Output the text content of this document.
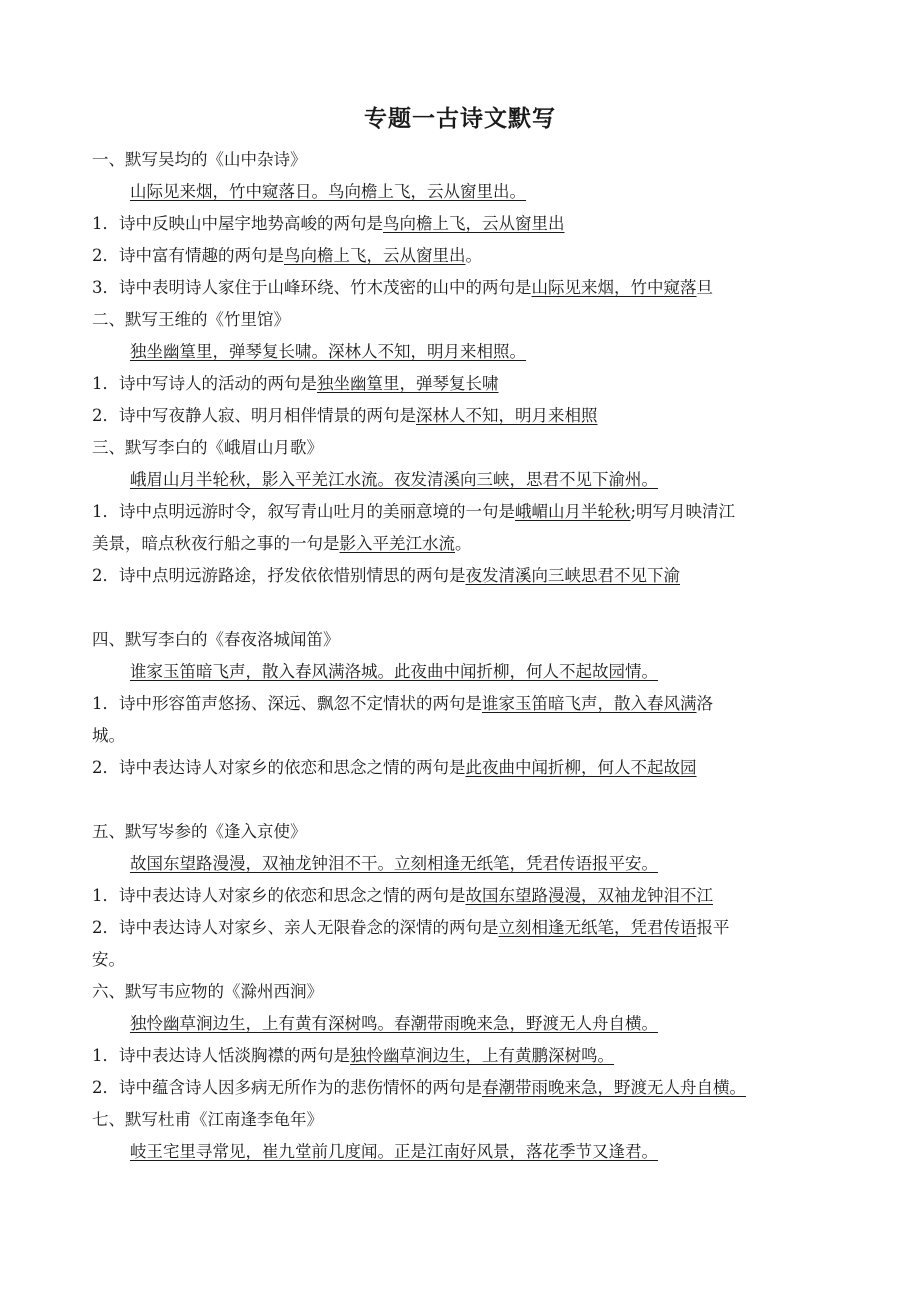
专题一古诗文默写
一、默写吴均的《山中杂诗》
山际见来烟，竹中窥落日。鸟向檐上飞，云从窗里出。
1．诗中反映山中屋宇地势高峻的两句是鸟向檐上飞，云从窗里出
2．诗中富有情趣的两句是鸟向檐上飞，云从窗里出。
3．诗中表明诗人家住于山峰环绕、竹木茂密的山中的两句是山际见来烟，竹中窥落旦
二、默写王维的《竹里馆》
独坐幽篁里，弹琴复长啸。深林人不知，明月来相照。
1．诗中写诗人的活动的两句是独坐幽篁里，弹琴复长啸
2．诗中写夜静人寂、明月相伴情景的两句是深林人不知，明月来相照
三、默写李白的《峨眉山月歌》
峨眉山月半轮秋，影入平羌江水流。夜发清溪向三峡，思君不见下渝州。
1．诗中点明远游时令，叙写青山吐月的美丽意境的一句是峨嵋山月半轮秋;明写月映清江
美景，暗点秋夜行船之事的一句是影入平羌江水流。
2．诗中点明远游路途，抒发依依惜别情思的两句是夜发清溪向三峡思君不见下渝
四、默写李白的《春夜洛城闻笛》
谁家玉笛暗飞声，散入春风满洛城。此夜曲中闻折柳，何人不起故园情。
1．诗中形容笛声悠扬、深远、飘忽不定情状的两句是谁家玉笛暗飞声，散入春风满洛
城。
2．诗中表达诗人对家乡的依恋和思念之情的两句是此夜曲中闻折柳，何人不起故园
五、默写岑参的《逢入京使》
故国东望路漫漫，双袖龙钟泪不干。立刻相逢无纸笔，凭君传语报平安。
1．诗中表达诗人对家乡的依恋和思念之情的两句是故国东望路漫漫，双袖龙钟泪不江
2．诗中表达诗人对家乡、亲人无限眷念的深情的两句是立刻相逢无纸笔，凭君传语报平
安。
六、默写韦应物的《滁州西涧》
独怜幽草涧边生，上有黄有深树鸣。春潮带雨晚来急，野渡无人舟自横。
1．诗中表达诗人恬淡胸襟的两句是独怜幽草涧边生，上有黄鹏深树鸣。
2．诗中蕴含诗人因多病无所作为的悲伤情怀的两句是春潮带雨晚来急，野渡无人舟自横。
七、默写杜甫《江南逢李龟年》
岐王宅里寻常见，崔九堂前几度闻。正是江南好风景，落花季节又逢君。
